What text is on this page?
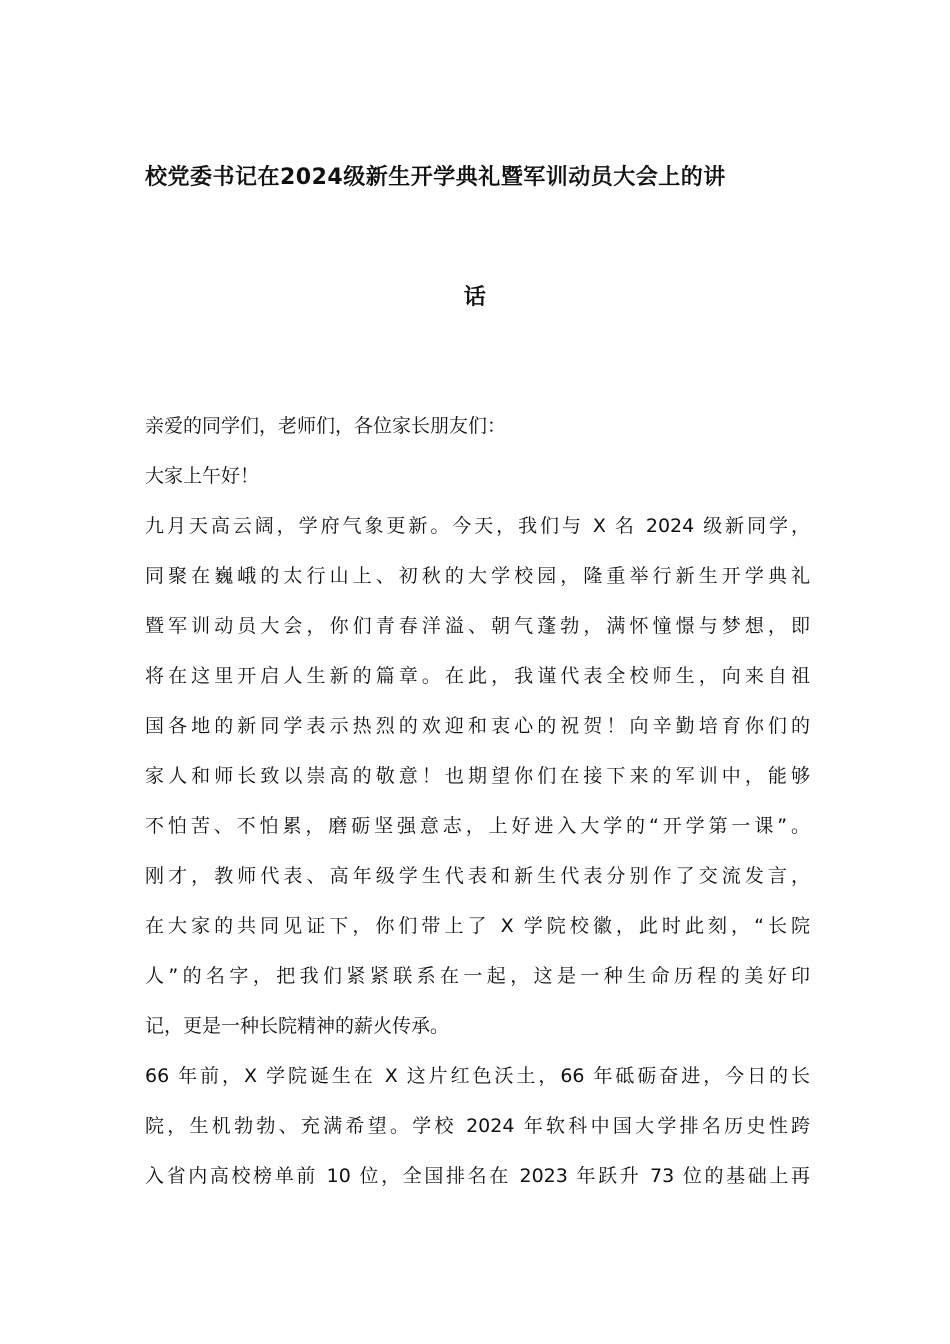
校党委书记在2024级新生开学典礼暨军训动员大会上的讲
话
亲爱的同学们，老师们，各位家长朋友们：
大家上午好！
九月天高云阔，学府气象更新。今天，我们与 X 名 2024 级新同学，
同聚在巍峨的太行山上、初秋的大学校园，隆重举行新生开学典礼
暨军训动员大会，你们青春洋溢、朝气蓬勃，满怀憧憬与梦想，即
将在这里开启人生新的篇章。在此，我谨代表全校师生，向来自祖
国各地的新同学表示热烈的欢迎和衷心的祝贺！向辛勤培育你们的
家人和师长致以崇高的敬意！也期望你们在接下来的军训中，能够
不怕苦、不怕累，磨砺坚强意志，上好进入大学的“开学第一课”。
刚才，教师代表、高年级学生代表和新生代表分别作了交流发言，
在大家的共同见证下，你们带上了 X 学院校徽，此时此刻，“长院
人”的名字，把我们紧紧联系在一起，这是一种生命历程的美好印
记，更是一种长院精神的薪火传承。
66 年前，X 学院诞生在 X 这片红色沃土，66 年砥砺奋进，今日的长
院，生机勃勃、充满希望。学校 2024 年软科中国大学排名历史性跨
入省内高校榜单前 10 位，全国排名在 2023 年跃升 73 位的基础上再
